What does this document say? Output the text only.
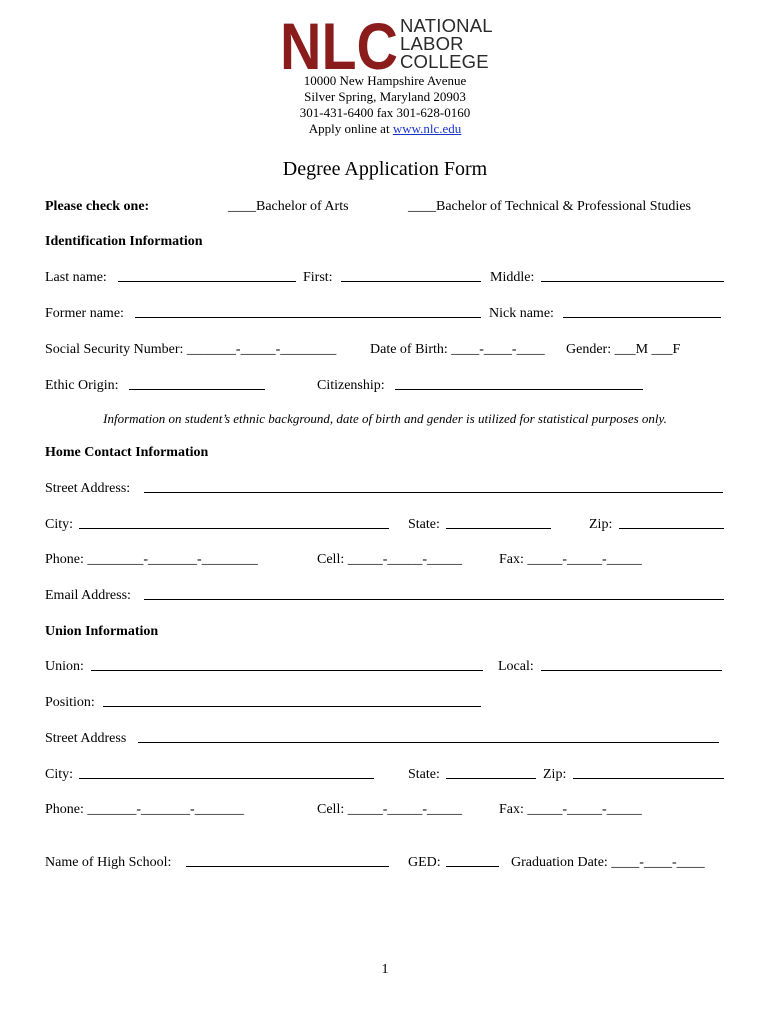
NLC NATIONAL
LABOR
COLLEGE
10000 New Hampshire Avenue
Silver Spring, Maryland 20903
301-431-6400 fax 301-628-0160
Apply online at www.nlc.edu
Degree Application Form
Please check one:	____Bachelor of Arts	____Bachelor of Technical & Professional Studies
Identification Information
Last name:	First:	Middle:
Former name:	Nick name:
Social Security Number: _______-_____-________ Date of Birth: ____-____-____ Gender: ___M ___F
Ethic Origin:	Citizenship:
Information on student’s ethnic background, date of birth and gender is utilized for statistical purposes only.
Home Contact Information
Street Address:
City:	State:	Zip:
Phone: ________-_______-________	Cell: _____-_____-_____	Fax: _____-_____-_____
Email Address:
Union Information
Union:	Local:
Position:
Street Address
City:	State:	Zip:
Phone: _______-_______-_______	Cell: _____-_____-_____	Fax: _____-_____-_____
Name of High School:	GED:	Graduation Date: ____-____-____
1
